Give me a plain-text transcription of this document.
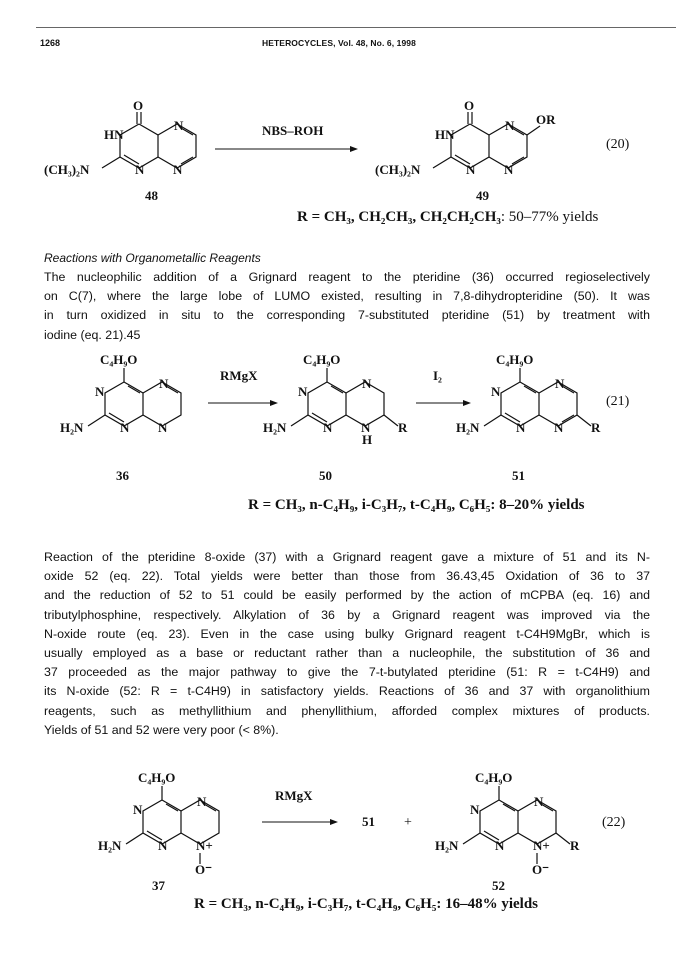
1268	HETEROCYCLES, Vol. 48, No. 6, 1998
O
HN
N
N N
(CH₃)₂N
48
NBS–ROH
O
HN
N
N N
OR
(CH₃)₂N
49
(20)
R = CH₃, CH₂CH₃, CH₂CH₂CH₃: 50–77% yields
Reactions with Organometallic Reagents
The nucleophilic addition of a Grignard reagent to the pteridine (36) occurred regioselectively
on C(7), where the large lobe of LUMO existed, resulting in 7,8-dihydropteridine (50). It was
in turn oxidized in situ to the corresponding 7-substituted pteridine (51) by treatment with
iodine (eq. 21).45
C₄H₉O
N
N
N N
H₂N
36
RMgX
C₄H₉O
N
N
N N
H
R
H₂N
50
I₂
C₄H₉O
N
N
N N R
H₂N
51
(21)
R = CH₃, n-C₄H₉, i-C₃H₇, t-C₄H₉, C₆H₅: 8–20% yields
Reaction of the pteridine 8-oxide (37) with a Grignard reagent gave a mixture of 51 and its N-
oxide 52 (eq. 22). Total yields were better than those from 36.43,45 Oxidation of 36 to 37
and the reduction of 52 to 51 could be easily performed by the action of mCPBA (eq. 16) and
tributylphosphine, respectively. Alkylation of 36 by a Grignard reagent was improved via the
N-oxide route (eq. 23). Even in the case using bulky Grignard reagent t-C4H9MgBr, which is
usually employed as a base or reductant rather than a nucleophile, the substitution of 36 and
37 proceeded as the major pathway to give the 7-t-butylated pteridine (51: R = t-C4H9) and
its N-oxide (52: R = t-C4H9) in satisfactory yields. Reactions of 36 and 37 with organolithium
reagents, such as methyllithium and phenyllithium, afforded complex mixtures of products.
Yields of 51 and 52 were very poor (< 8%).
C₄H₉O
N
N
N N+
O⁻
H₂N
37
RMgX
51 +
C₄H₉O
N
N
N N+
O⁻
R
H₂N
52
(22)
R = CH₃, n-C₄H₉, i-C₃H₇, t-C₄H₉, C₆H₅: 16–48% yields
